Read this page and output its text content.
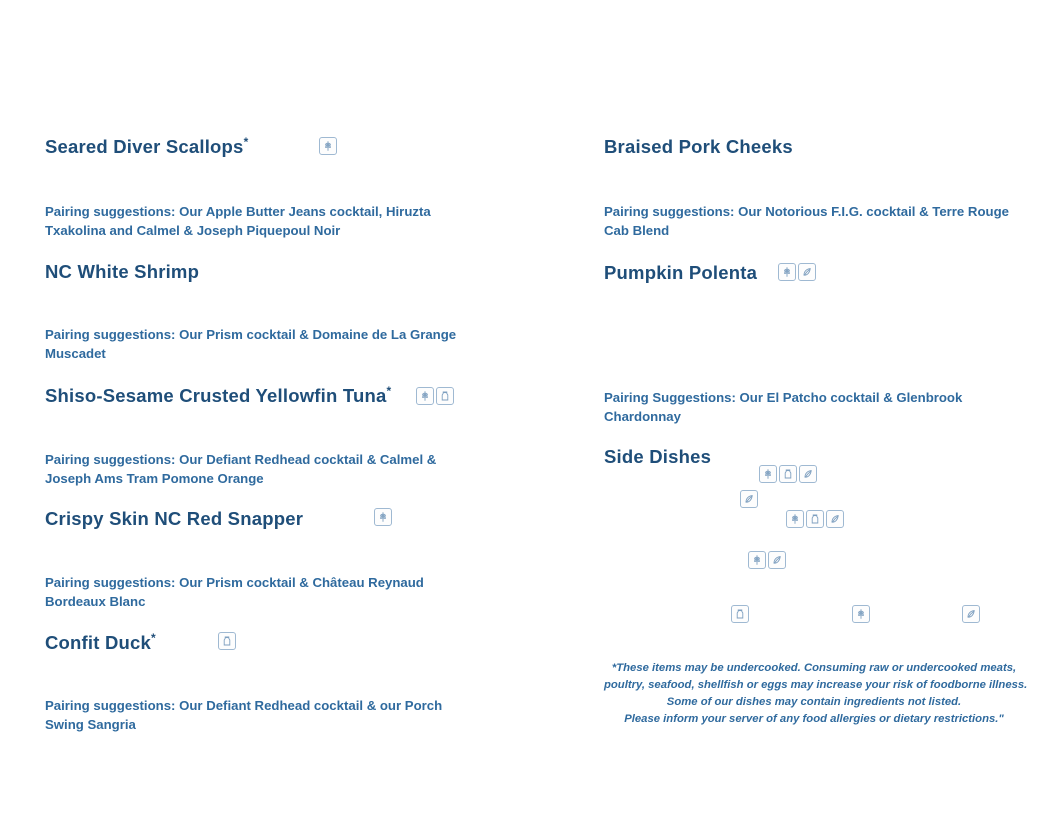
Seared Diver Scallops*
Pairing suggestions: Our Apple Butter Jeans cocktail, Hiruzta Txakolina and Calmel & Joseph Piquepoul Noir
NC White Shrimp
Pairing suggestions: Our Prism cocktail & Domaine de La Grange Muscadet
Shiso-Sesame Crusted Yellowfin Tuna*
Pairing suggestions: Our Defiant Redhead cocktail & Calmel & Joseph Ams Tram Pomone Orange
Crispy Skin NC Red Snapper
Pairing suggestions: Our Prism cocktail & Château Reynaud Bordeaux Blanc
Confit Duck*
Pairing suggestions: Our Defiant Redhead cocktail & our Porch Swing Sangria
Braised Pork Cheeks
Pairing suggestions: Our Notorious F.I.G. cocktail & Terre Rouge Cab Blend
Pumpkin Polenta
Pairing Suggestions: Our El Patcho cocktail & Glenbrook Chardonnay
Side Dishes
*These items may be undercooked. Consuming raw or undercooked meats,
poultry, seafood, shellfish or eggs may increase your risk of foodborne illness.
Some of our dishes may contain ingredients not listed.
Please inform your server of any food allergies or dietary restrictions."
